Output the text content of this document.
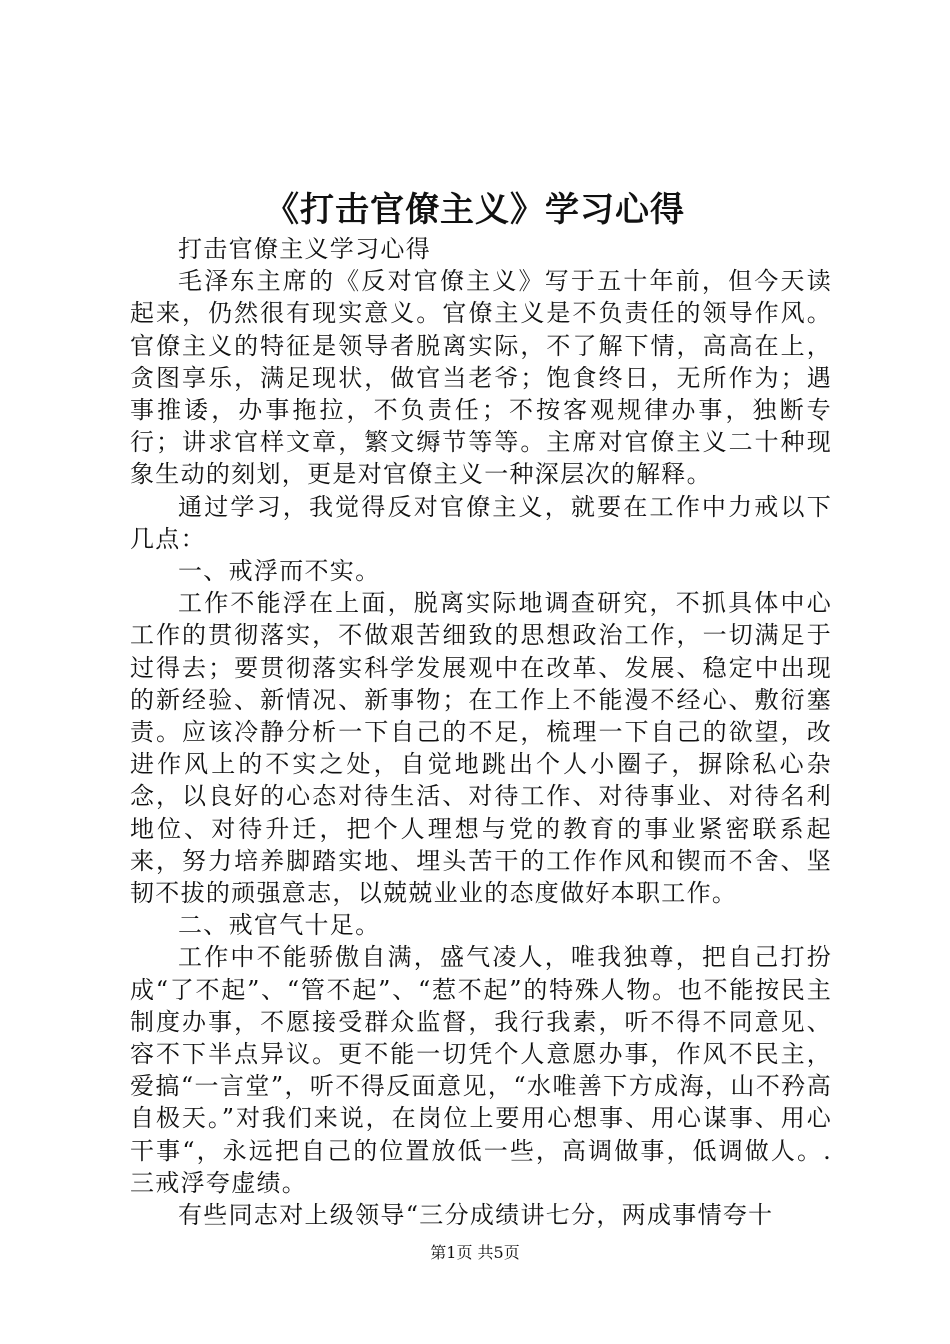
《打击官僚主义》学习心得

打击官僚主义学习心得

毛泽东主席的《反对官僚主义》写于五十年前，但今天读起来，仍然很有现实意义。官僚主义是不负责任的领导作风。官僚主义的特征是领导者脱离实际，不了解下情，高高在上，贪图享乐，满足现状，做官当老爷；饱食终日，无所作为；遇事推诿，办事拖拉，不负责任；不按客观规律办事，独断专行；讲求官样文章，繁文缛节等等。主席对官僚主义二十种现象生动的刻划，更是对官僚主义一种深层次的解释。

通过学习，我觉得反对官僚主义，就要在工作中力戒以下几点：

一、戒浮而不实。

工作不能浮在上面，脱离实际地调查研究，不抓具体中心工作的贯彻落实，不做艰苦细致的思想政治工作，一切满足于过得去；要贯彻落实科学发展观中在改革、发展、稳定中出现的新经验、新情况、新事物；在工作上不能漫不经心、敷衍塞责。应该冷静分析一下自己的不足，梳理一下自己的欲望，改进作风上的不实之处，自觉地跳出个人小圈子，摒除私心杂念，以良好的心态对待生活、对待工作、对待事业、对待名利地位、对待升迁，把个人理想与党的教育的事业紧密联系起来，努力培养脚踏实地、埋头苦干的工作作风和锲而不舍、坚韧不拔的顽强意志，以兢兢业业的态度做好本职工作。

二、戒官气十足。

工作中不能骄傲自满，盛气凌人，唯我独尊，把自己打扮成“了不起”、“管不起”、“惹不起”的特殊人物。也不能按民主制度办事，不愿接受群众监督，我行我素，听不得不同意见、容不下半点异议。更不能一切凭个人意愿办事，作风不民主，爱搞“一言堂”，听不得反面意见，“水唯善下方成海，山不矜高自极天。”对我们来说，在岗位上要用心想事、用心谋事、用心干事“，永远把自己的位置放低一些，高调做事，低调做人。.三戒浮夸虚绩。

有些同志对上级领导“三分成绩讲七分，两成事情夸十

第1页 共5页
